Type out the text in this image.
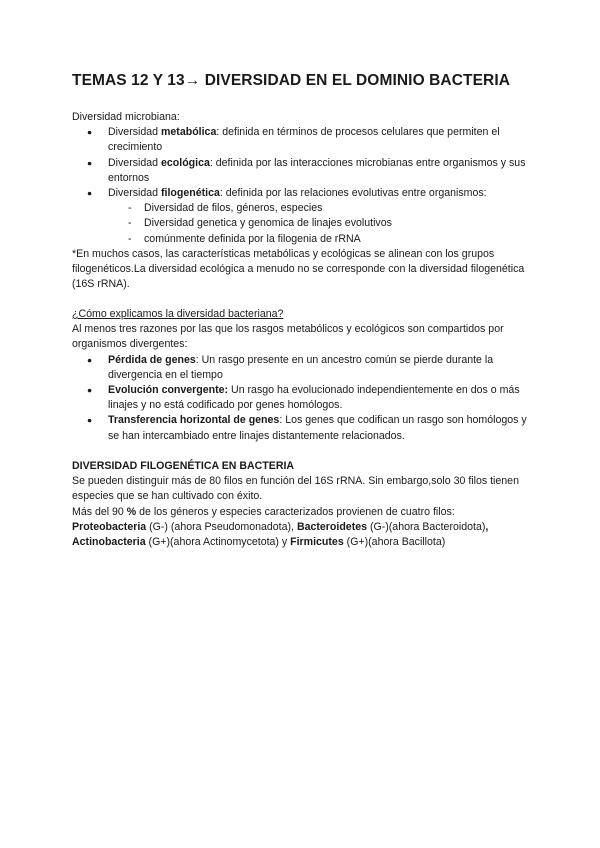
TEMAS 12 Y 13→ DIVERSIDAD EN EL DOMINIO BACTERIA

Diversidad microbiana:

● Diversidad metabólica: definida en términos de procesos celulares que permiten el crecimiento
● Diversidad ecológica: definida por las interacciones microbianas entre organismos y sus entornos
● Diversidad filogenética: definida por las relaciones evolutivas entre organismos:
- Diversidad de filos, géneros, especies
- Diversidad genetica y genomica de linajes evolutivos
- comúnmente definida por la filogenia de rRNA

*En muchos casos, las características metabólicas y ecológicas se alinean con los grupos filogenéticos.La diversidad ecológica a menudo no se corresponde con la diversidad filogenética (16S rRNA).

¿Cómo explicamos la diversidad bacteriana?

Al menos tres razones por las que los rasgos metabólicos y ecológicos son compartidos por organismos divergentes:

● Pérdida de genes: Un rasgo presente en un ancestro común se pierde durante la divergencia en el tiempo
● Evolución convergente: Un rasgo ha evolucionado independientemente en dos o más linajes y no está codificado por genes homólogos.
● Transferencia horizontal de genes: Los genes que codifican un rasgo son homólogos y se han intercambiado entre linajes distantemente relacionados.

DIVERSIDAD FILOGENÉTICA EN BACTERIA

Se pueden distinguir más de 80 filos en función del 16S rRNA. Sin embargo,solo 30 filos tienen especies que se han cultivado con éxito.

Más del 90 % de los géneros y especies caracterizados provienen de cuatro filos:

Proteobacteria (G-) (ahora Pseudomonadota), Bacteroidetes (G-)(ahora Bacteroidota), Actinobacteria (G+)(ahora Actinomycetota) y Firmicutes (G+)(ahora Bacillota)
